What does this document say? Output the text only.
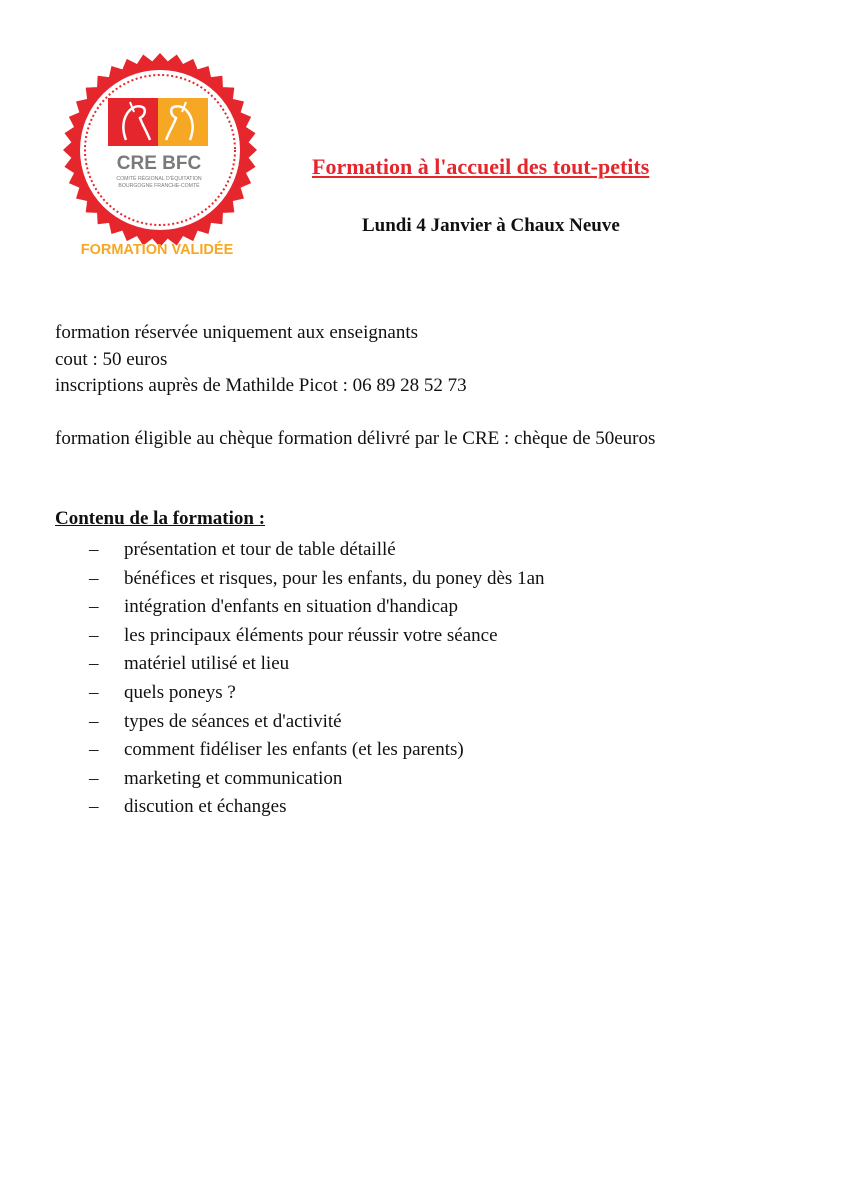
CRE BFC
COMITÉ RÉGIONAL D'ÉQUITATION
BOURGOGNE FRANCHE-COMTÉ
FORMATION VALIDÉE
Formation à l'accueil des tout-petits
Lundi 4 Janvier à Chaux Neuve
formation réservée uniquement aux enseignants
cout : 50 euros
inscriptions auprès de Mathilde Picot : 06 89 28 52 73
formation éligible au chèque formation délivré par le CRE : chèque de 50euros
Contenu de la formation :
– présentation et tour de table détaillé
– bénéfices et risques, pour les enfants, du poney dès 1an
– intégration d'enfants en situation d'handicap
– les principaux éléments pour réussir votre séance
– matériel utilisé et lieu
– quels poneys ?
– types de séances et d'activité
– comment fidéliser les enfants (et les parents)
– marketing et communication
– discution et échanges
